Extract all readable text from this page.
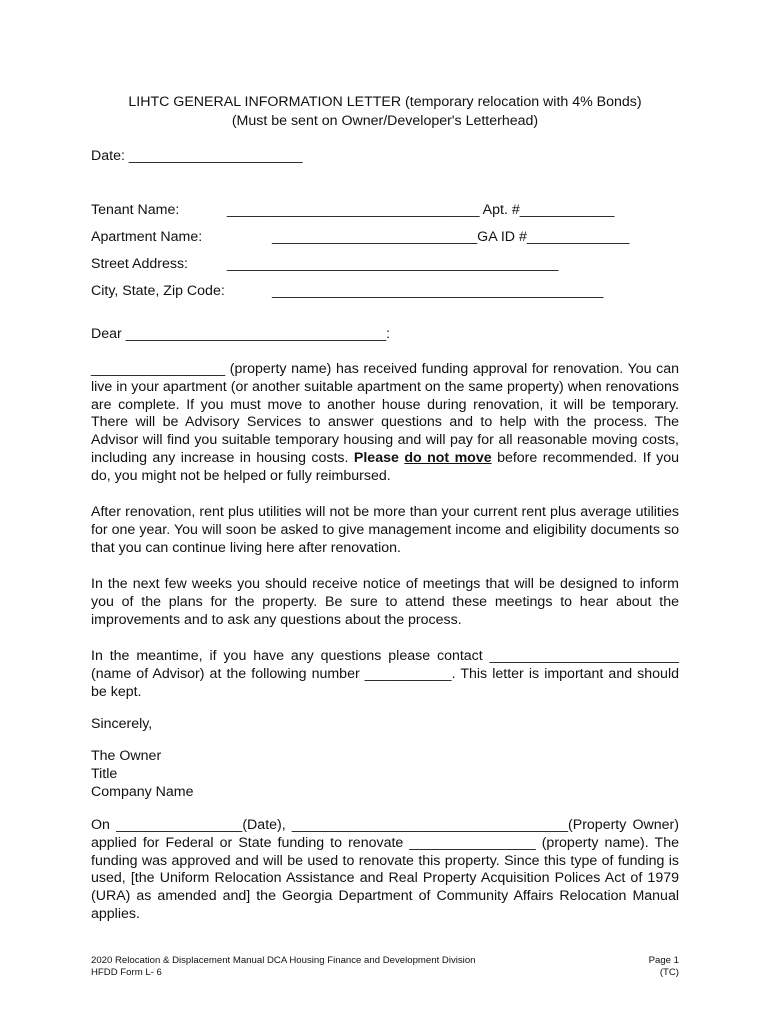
LIHTC GENERAL INFORMATION LETTER (temporary relocation with 4% Bonds)
(Must be sent on Owner/Developer's Letterhead)
Date: ______________________
Tenant Name:	________________________________ Apt. #____________
Apartment Name:	__________________________GA ID #_____________
Street Address:	__________________________________________
City, State, Zip Code:	__________________________________________
Dear _________________________________:

_________________ (property name) has received funding approval for renovation. You can live in your apartment (or another suitable apartment on the same property) when renovations are complete. If you must move to another house during renovation, it will be temporary. There will be Advisory Services to answer questions and to help with the process. The Advisor will find you suitable temporary housing and will pay for all reasonable moving costs, including any increase in housing costs. Please do not move before recommended. If you do, you might not be helped or fully reimbursed.

After renovation, rent plus utilities will not be more than your current rent plus average utilities for one year. You will soon be asked to give management income and eligibility documents so that you can continue living here after renovation.

In the next few weeks you should receive notice of meetings that will be designed to inform you of the plans for the property. Be sure to attend these meetings to hear about the improvements and to ask any questions about the process.

In the meantime, if you have any questions please contact ________________________ (name of Advisor) at the following number ___________. This letter is important and should be kept.

Sincerely,
The Owner
Title
Company Name

On ________________(Date), ___________________________________(Property Owner) applied for Federal or State funding to renovate ________________ (property name). The funding was approved and will be used to renovate this property. Since this type of funding is used, [the Uniform Relocation Assistance and Real Property Acquisition Polices Act of 1979 (URA) as amended and] the Georgia Department of Community Affairs Relocation Manual applies.

2020 Relocation & Displacement Manual DCA Housing Finance and Development Division
HFDD Form L- 6
Page 1
(TC)
